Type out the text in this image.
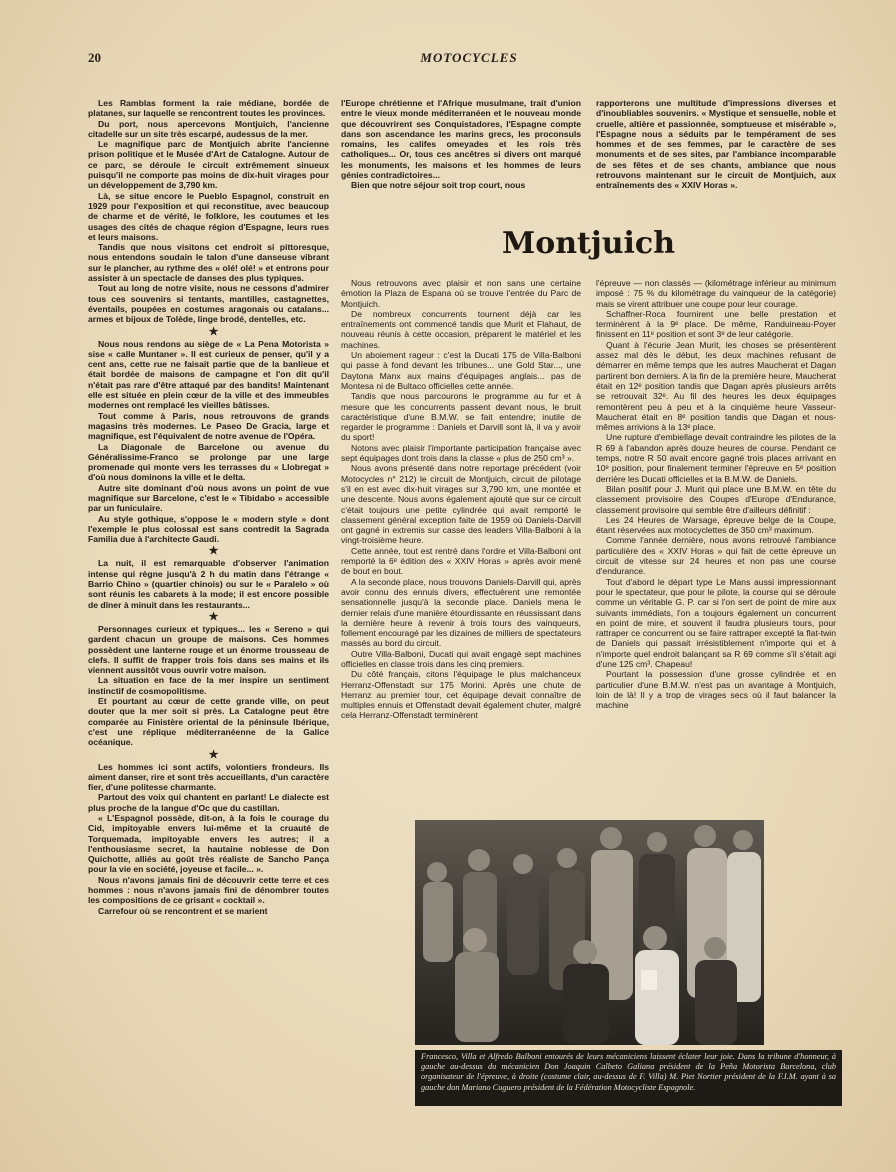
20	MOTOCYCLES

Les Ramblas forment la raie médiane, bordée de platanes, sur laquelle se rencontrent toutes les provinces.

Du port, nous apercevons Montjuich, l'ancienne citadelle sur un site très escarpé, audessus de la mer.

Le magnifique parc de Montjuich abrite l'ancienne prison politique et le Musée d'Art de Catalogne. Autour de ce parc, se déroule le circuit extrêmement sinueux puisqu'il ne comporte pas moins de dix-huit virages pour un développement de 3,790 km.

Là, se situe encore le Pueblo Espagnol, construit en 1929 pour l'exposition et qui reconstitue, avec beaucoup de charme et de vérité, le folklore, les coutumes et les usages des cités de chaque région d'Espagne, leurs rues et leurs maisons.

Tandis que nous visitons cet endroit si pittoresque, nous entendons soudain le talon d'une danseuse vibrant sur le plancher, au rythme des « olé! olé! » et entrons pour assister à un spectacle de danses des plus typiques.

Tout au long de notre visite, nous ne cessons d'admirer tous ces souvenirs si tentants, mantilles, castagnettes, éventails, poupées en costumes aragonais ou catalans... armes et bijoux de Tolède, linge brodé, dentelles, etc.

★

Nous nous rendons au siège de « La Pena Motorista » sise « calle Muntaner ». Il est curieux de penser, qu'il y a cent ans, cette rue ne faisait partie que de la banlieue et était bordée de maisons de campagne et l'on dit qu'il n'était pas rare d'être attaqué par des bandits! Maintenant elle est située en plein cœur de la ville et des immeubles modernes ont remplacé les vieilles bâtisses.

Tout comme à Paris, nous retrouvons de grands magasins très modernes. Le Paseo De Gracia, large et magnifique, est l'équivalent de notre avenue de l'Opéra.

La Diagonale de Barcelone ou avenue du Généralissime-Franco se prolonge par une large promenade qui monte vers les terrasses du « Llobregat » d'où nous dominons la ville et le delta.

Autre site dominant d'où nous avons un point de vue magnifique sur Barcelone, c'est le « Tibidabo » accessible par un funiculaire.

Au style gothique, s'oppose le « modern style » dont l'exemple le plus colossal est sans contredit la Sagrada Familia due à l'architecte Gaudi.

★

La nuit, il est remarquable d'observer l'animation intense qui règne jusqu'à 2 h du matin dans l'étrange « Barrio Chino » (quartier chinois) ou sur le « Paralelo » où sont réunis les cabarets à la mode; il est encore possible de dîner à minuit dans les restaurants...

★

Personnages curieux et typiques... les « Sereno » qui gardent chacun un groupe de maisons. Ces hommes possèdent une lanterne rouge et un énorme trousseau de clefs. Il suffit de frapper trois fois dans ses mains et ils viennent aussitôt vous ouvrir votre maison.

La situation en face de la mer inspire un sentiment instinctif de cosmopolitisme.

Et pourtant au cœur de cette grande ville, on peut douter que la mer soit si près. La Catalogne peut être comparée au Finistère oriental de la péninsule Ibérique, c'est une réplique méditerranéenne de la Galice océanique.

★

Les hommes ici sont actifs, volontiers frondeurs. Ils aiment danser, rire et sont très accueillants, d'un caractère fier, d'une politesse charmante.

Partout des voix qui chantent en parlant! Le dialecte est plus proche de la langue d'Oc que du castillan.

« L'Espagnol possède, dit-on, à la fois le courage du Cid, impitoyable envers lui-même et la cruauté de Torquemada, impitoyable envers les autres; il a l'enthousiasme secret, la hautaine noblesse de Don Quichotte, alliés au goût très réaliste de Sancho Pança pour la vie en société, joyeuse et facile... ».

Nous n'avons jamais fini de découvrir cette terre et ces hommes : nous n'avons jamais fini de dénombrer toutes les compositions de ce grisant « cocktail ».

Carrefour où se rencontrent et se marient

l'Europe chrétienne et l'Afrique musulmane, trait d'union entre le vieux monde méditerranéen et le nouveau monde que découvrirent ses Conquistadores, l'Espagne compte dans son ascendance les marins grecs, les proconsuls romains, les califes omeyades et les rois très catholiques... Or, tous ces ancêtres si divers ont marqué les monuments, les maisons et les hommes de leurs génies contradictoires...

Bien que notre séjour soit trop court, nous

rapporterons une multitude d'impressions diverses et d'inoubliables souvenirs. « Mystique et sensuelle, noble et cruelle, altière et passionnée, somptueuse et misérable », l'Espagne nous a séduits par le tempérament de ses hommes et de ses femmes, par le caractère de ses monuments et de ses sites, par l'ambiance incomparable de ses fêtes et de ses chants, ambiance que nous retrouvons maintenant sur le circuit de Montjuich, aux entraînements des « XXIV Horas ».

Montjuich

Nous retrouvons avec plaisir et non sans une certaine émotion la Plaza de Espana où se trouve l'entrée du Parc de Montjuich.

De nombreux concurrents tournent déjà car les entraînements ont commencé tandis que Murit et Flahaut, de nouveau réunis à cette occasion, préparent le matériel et les machines.

Un aboiement rageur : c'est la Ducati 175 de Villa-Balboni qui passe à fond devant les tribunes... une Gold Star..., une Daytona Manx aux mains d'équipages anglais... pas de Montesa ni de Bultaco officielles cette année.

Tandis que nous parcourons le programme au fur et à mesure que les concurrents passent devant nous, le bruit caractéristique d'une B.M.W. se fait entendre; inutile de regarder le programme : Daniels et Darvill sont là, il va y avoir du sport!

Notons avec plaisir l'importante participation française avec sept équipages dont trois dans la classe « plus de 250 cm³ ».

Nous avons présenté dans notre reportage précédent (voir Motocycles n° 212) le circuit de Montjuich, circuit de pilotage s'il en est avec dix-huit virages sur 3,790 km, une montée et une descente. Nous avons également ajouté que sur ce circuit c'était toujours une petite cylindrée qui avait remporté le classement général exception faite de 1959 où Daniels-Darvill ont gagné in extremis sur casse des leaders Villa-Balboni à la vingt-troisième heure.

Cette année, tout est rentré dans l'ordre et Villa-Balboni ont remporté la 6ᵉ édition des « XXIV Horas » après avoir mené de bout en bout.

A la seconde place, nous trouvons Daniels-Darvill qui, après avoir connu des ennuis divers, effectuèrent une remontée sensationnelle jusqu'à la seconde place. Daniels mena le dernier relais d'une manière étourdissante en réussissant dans la dernière heure à revenir à trois tours des vainqueurs, follement encouragé par les dizaines de milliers de spectateurs massés au bord du circuit.

Outre Villa-Balboni, Ducati qui avait engagé sept machines officielles en classe trois dans les cinq premiers.

Du côté français, citons l'équipage le plus malchanceux Herranz-Offenstadt sur 175 Morini. Après une chute de Herranz au premier tour, cet équipage devait connaître de multiples ennuis et Offenstadt devait également chuter, malgré cela Herranz-Offenstadt terminèrent

l'épreuve — non classés — (kilométrage inférieur au minimum imposé : 75 % du kilométrage du vainqueur de la catégorie) mais se virent attribuer une coupe pour leur courage.

Schaffner-Roca fournirent une belle prestation et terminèrent à la 9ᵉ place. De même, Randuineau-Poyer finissent en 11ᵉ position et sont 3ᵉ de leur catégorie.

Quant à l'écurie Jean Murit, les choses se présentèrent assez mal dès le début, les deux machines refusant de démarrer en même temps que les autres Maucherat et Dagan partirent bon derniers. A la fin de la première heure, Maucherat était en 12ᵉ position tandis que Dagan après plusieurs arrêts se retrouvait 32ᵉ. Au fil des heures les deux équipages remontèrent peu à peu et à la cinquième heure Vasseur-Maucherat était en 8ᵉ position tandis que Dagan et nous-mêmes arrivions à la 13ᵉ place.

Une rupture d'embiellage devait contraindre les pilotes de la R 69 à l'abandon après douze heures de course. Pendant ce temps, notre R 50 avait encore gagné trois places arrivant en 10ᵉ position, pour finalement terminer l'épreuve en 5ᵉ position derrière les Ducati officielles et la B.M.W. de Daniels.

Bilan positif pour J. Murit qui place une B.M.W. en tête du classement provisoire des Coupes d'Europe d'Endurance, classement provisoire qui semble être d'ailleurs définitif :

Les 24 Heures de Warsage, épreuve belge de la Coupe, étant réservées aux motocyclettes de 350 cm³ maximum.

Comme l'année dernière, nous avons retrouvé l'ambiance particulière des « XXIV Horas » qui fait de cette épreuve un circuit de vitesse sur 24 heures et non pas une course d'endurance.

Tout d'abord le départ type Le Mans aussi impressionnant pour le spectateur, que pour le pilote, la course qui se déroule comme un véritable G. P. car si l'on sert de point de mire aux suivants immédiats, l'on a toujours également un concurrent en point de mire, et souvent il faudra plusieurs tours, pour rattraper ce concurrent ou se faire rattraper excepté la flat-twin de Daniels qui passait irrésistiblement n'importe qui et à n'importe quel endroit balançant sa R 69 comme s'il s'était agi d'une 125 cm³. Chapeau!

Pourtant la possession d'une grosse cylindrée et en particulier d'une B.M.W. n'est pas un avantage à Montjuich, loin de là! Il y a trop de virages secs où il faut balancer la machine

Francesco, Villa et Alfredo Balboni entourés de leurs mécaniciens laissent éclater leur joie. Dans la tribune d'honneur, à gauche au-dessus du mécanicien Don Joaquin Calbeto Galiana président de la Peña Motorista Barcelona, club organisateur de l'épreuve, à droite (costume clair, au-dessus de F. Villa) M. Piet Nortier président de la F.I.M. ayant à sa gauche don Mariano Cuguero président de la Fédération Motocycliste Espagnole.
